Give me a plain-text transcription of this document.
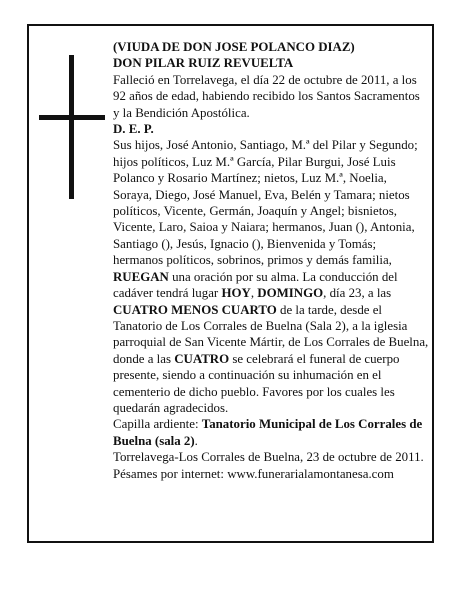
(VIUDA DE DON JOSE POLANCO DIAZ)

DON PILAR RUIZ REVUELTA

Falleció en Torrelavega, el día 22 de octubre de 2011, a los 92 años de edad, habiendo recibido los Santos Sacramentos y la Bendición Apostólica.

D. E. P.

Sus hijos, José Antonio, Santiago, M.ª del Pilar y Segundo; hijos políticos, Luz M.ª García, Pilar Burgui, José Luis Polanco y Rosario Martínez; nietos, Luz M.ª, Noelia, Soraya, Diego, José Manuel, Eva, Belén y Tamara; nietos políticos, Vicente, Germán, Joaquín y Angel; bisnietos, Vicente, Laro, Saioa y Naiara; hermanos, Juan (), Antonia, Santiago (), Jesús, Ignacio (), Bienvenida y Tomás; hermanos políticos, sobrinos, primos y demás familia,

RUEGAN una oración por su alma. La conducción del cadáver tendrá lugar HOY, DOMINGO, día 23, a las CUATRO MENOS CUARTO de la tarde, desde el Tanatorio de Los Corrales de Buelna (Sala 2), a la iglesia parroquial de San Vicente Mártir, de Los Corrales de Buelna, donde a las CUATRO se celebrará el funeral de cuerpo presente, siendo a continuación su inhumación en el cementerio de dicho pueblo. Favores por los cuales les quedarán agradecidos.

Capilla ardiente: Tanatorio Municipal de Los Corrales de Buelna (sala 2).

Torrelavega-Los Corrales de Buelna, 23 de octubre de 2011.

Pésames por internet: www.funerarialamontanesa.com
